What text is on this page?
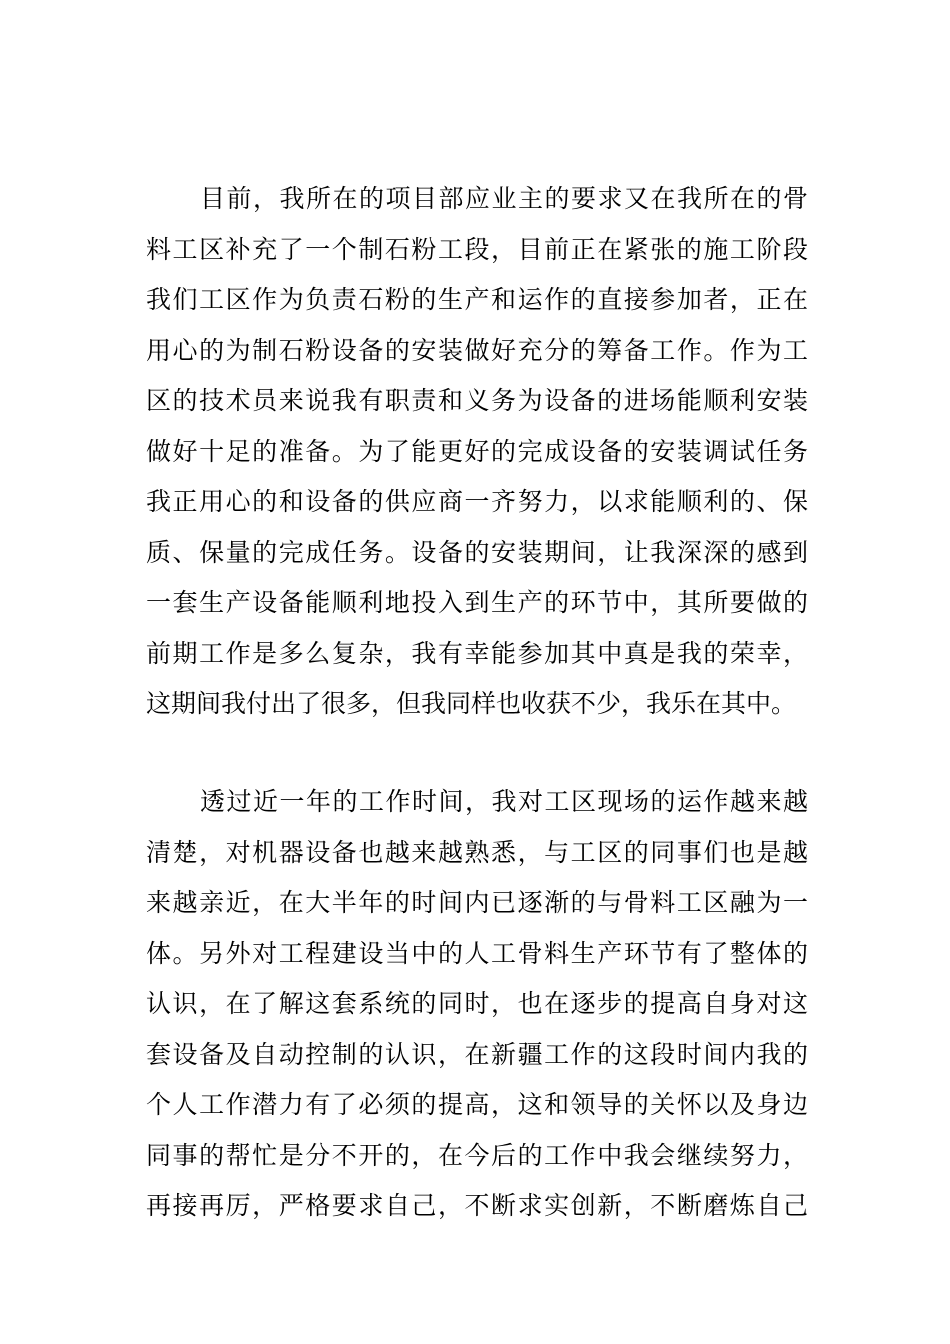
目前，我所在的项目部应业主的要求又在我所在的骨
料工区补充了一个制石粉工段，目前正在紧张的施工阶段
我们工区作为负责石粉的生产和运作的直接参加者，正在
用心的为制石粉设备的安装做好充分的筹备工作。作为工
区的技术员来说我有职责和义务为设备的进场能顺利安装
做好十足的准备。为了能更好的完成设备的安装调试任务
我正用心的和设备的供应商一齐努力，以求能顺利的、保
质、保量的完成任务。设备的安装期间，让我深深的感到
一套生产设备能顺利地投入到生产的环节中，其所要做的
前期工作是多么复杂，我有幸能参加其中真是我的荣幸，
这期间我付出了很多，但我同样也收获不少，我乐在其中。

透过近一年的工作时间，我对工区现场的运作越来越
清楚，对机器设备也越来越熟悉，与工区的同事们也是越
来越亲近，在大半年的时间内已逐渐的与骨料工区融为一
体。另外对工程建设当中的人工骨料生产环节有了整体的
认识，在了解这套系统的同时，也在逐步的提高自身对这
套设备及自动控制的认识，在新疆工作的这段时间内我的
个人工作潜力有了必须的提高，这和领导的关怀以及身边
同事的帮忙是分不开的，在今后的工作中我会继续努力，
再接再厉，严格要求自己，不断求实创新，不断磨炼自己
